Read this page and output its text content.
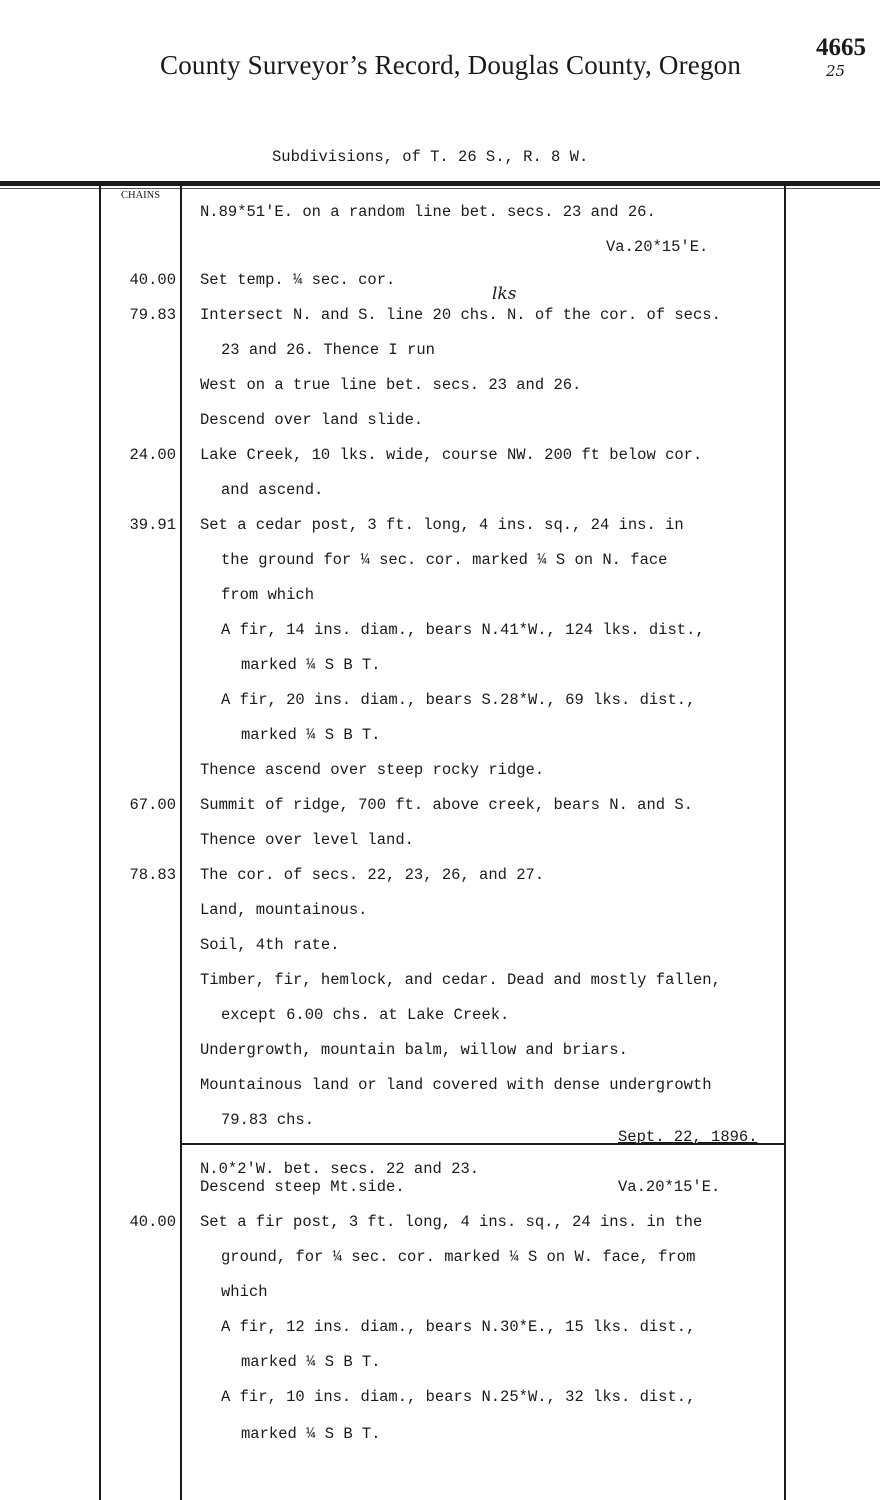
County Surveyor’s Record, Douglas County, Oregon
4665
25
Subdivisions, of T. 26 S., R. 8 W.
CHAINS
N.89*51'E. on a random line bet. secs. 23 and 26.
Va.20*15'E.
40.00
79.83
24.00
39.91
67.00
78.83
Set temp. ¼ sec. cor.
Intersect N. and S. line 20 chs. N. of the cor. of secs.
lks
23 and 26. Thence I run
West on a true line bet. secs. 23 and 26.
Descend over land slide.
Lake Creek, 10 lks. wide, course NW. 200 ft below cor.
and ascend.
Set a cedar post, 3 ft. long, 4 ins. sq., 24 ins. in
the ground for ¼ sec. cor. marked ¼ S on N. face
from which
A fir, 14 ins. diam., bears N.41*W., 124 lks. dist.,
marked ¼ S B T.
A fir, 20 ins. diam., bears S.28*W., 69 lks. dist.,
marked ¼ S B T.
Thence ascend over steep rocky ridge.
Summit of ridge, 700 ft. above creek, bears N. and S.
Thence over level land.
The cor. of secs. 22, 23, 26, and 27.
Land, mountainous.
Soil, 4th rate.
Timber, fir, hemlock, and cedar. Dead and mostly fallen,
except 6.00 chs. at Lake Creek.
Undergrowth, mountain balm, willow and briars.
Mountainous land or land covered with dense undergrowth
79.83 chs.
Sept. 22, 1896.
N.0*2'W. bet. secs. 22 and 23.
Descend steep Mt.side.	Va.20*15'E.
40.00 Set a fir post, 3 ft. long, 4 ins. sq., 24 ins. in the
ground, for ¼ sec. cor. marked ¼ S on W. face, from
which
A fir, 12 ins. diam., bears N.30*E., 15 lks. dist.,
marked ¼ S B T.
A fir, 10 ins. diam., bears N.25*W., 32 lks. dist.,
marked ¼ S B T.
